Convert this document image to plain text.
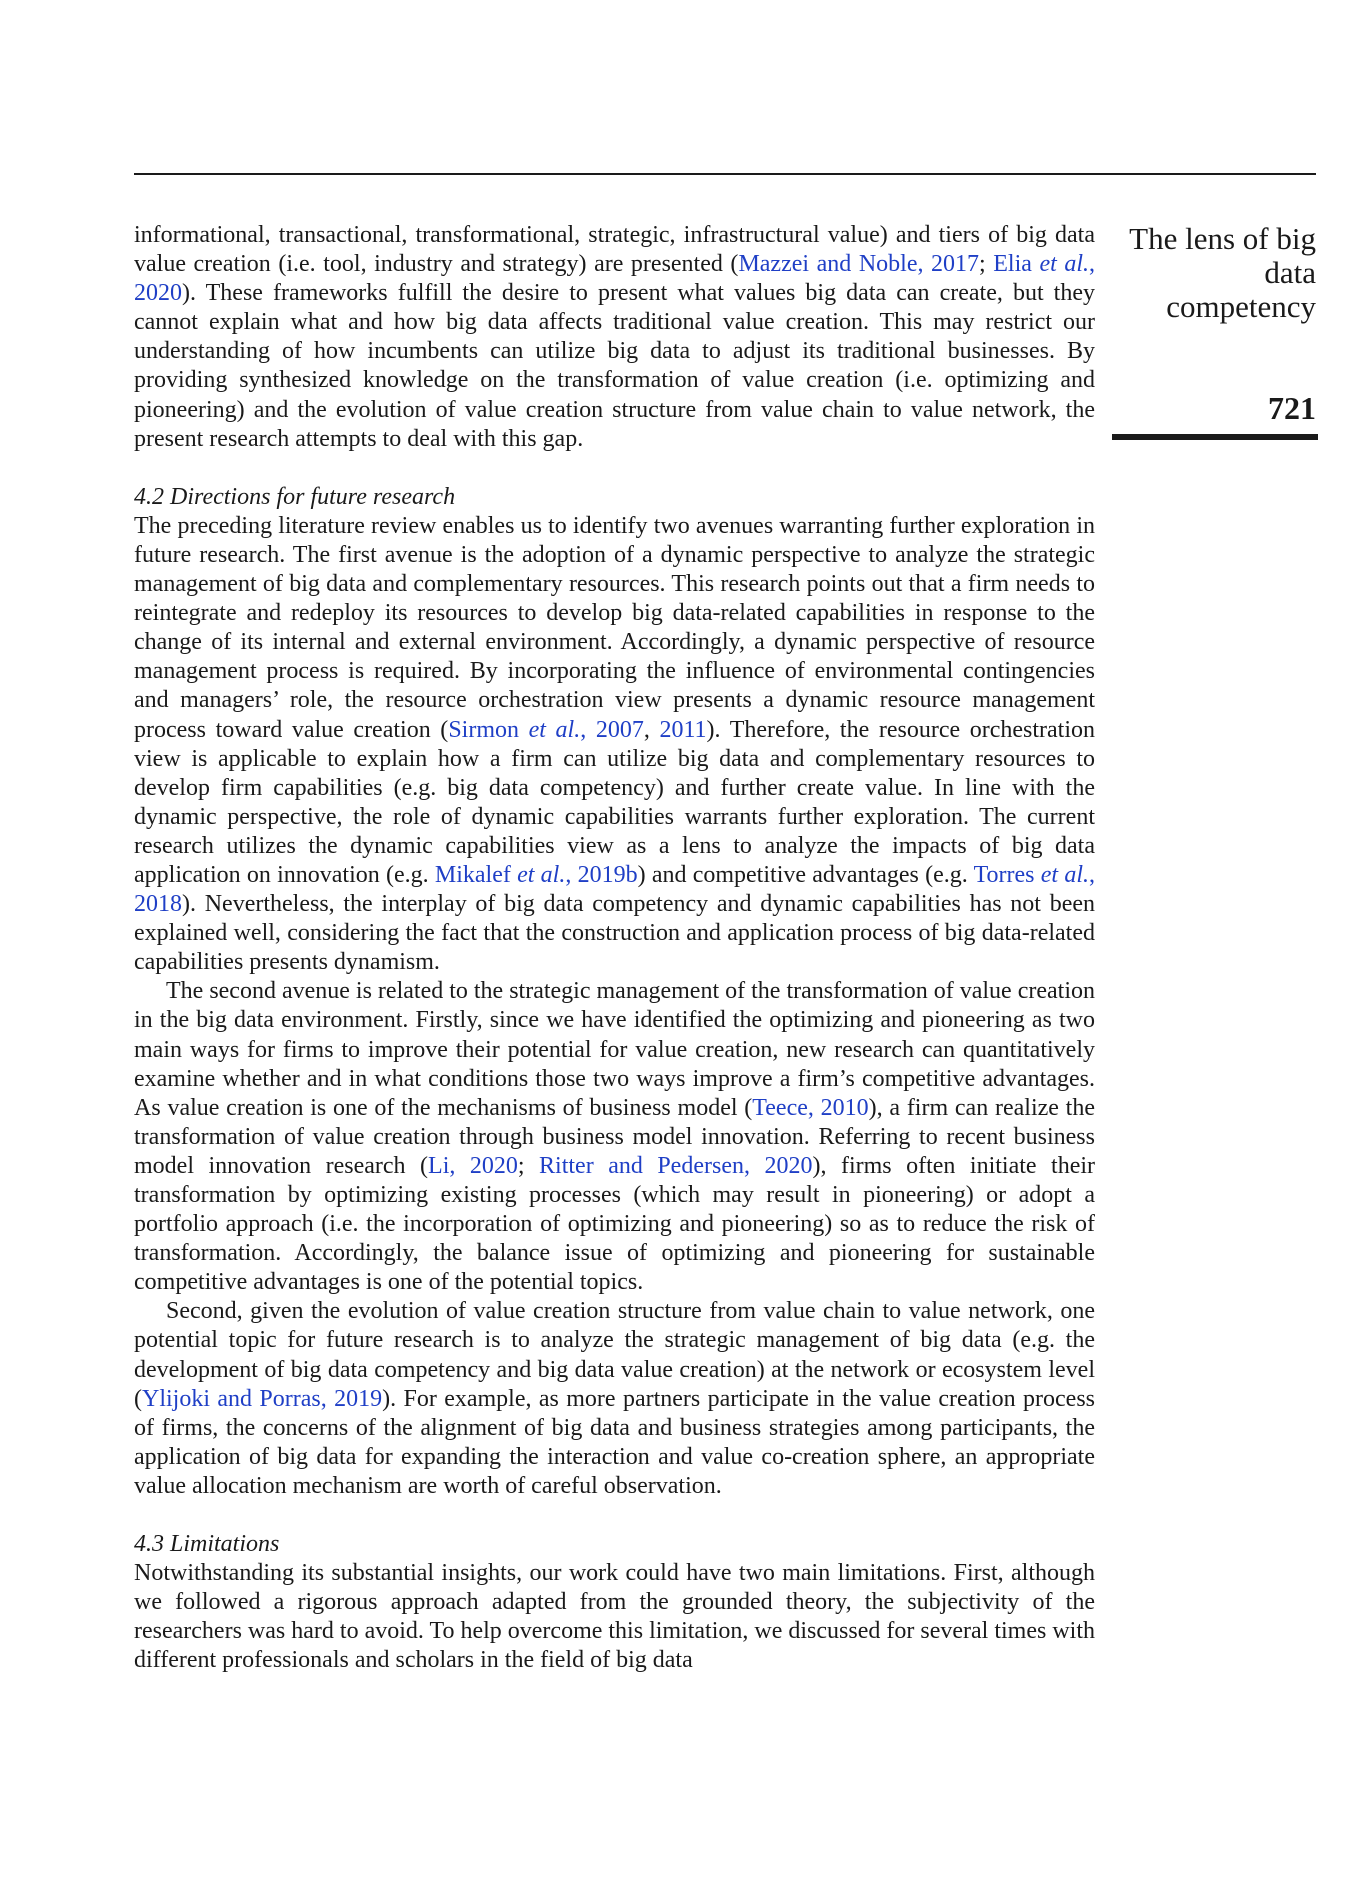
The lens of big
data
competency
721

informational, transactional, transformational, strategic, infrastructural value) and tiers of big data value creation (i.e. tool, industry and strategy) are presented (Mazzei and Noble, 2017; Elia et al., 2020). These frameworks fulfill the desire to present what values big data can create, but they cannot explain what and how big data affects traditional value creation. This may restrict our understanding of how incumbents can utilize big data to adjust its traditional businesses. By providing synthesized knowledge on the transformation of value creation (i.e. optimizing and pioneering) and the evolution of value creation structure from value chain to value network, the present research attempts to deal with this gap.

4.2 Directions for future research

The preceding literature review enables us to identify two avenues warranting further exploration in future research. The first avenue is the adoption of a dynamic perspective to analyze the strategic management of big data and complementary resources. This research points out that a firm needs to reintegrate and redeploy its resources to develop big data-related capabilities in response to the change of its internal and external environment. Accordingly, a dynamic perspective of resource management process is required. By incorporating the influence of environmental contingencies and managers’ role, the resource orchestration view presents a dynamic resource management process toward value creation (Sirmon et al., 2007, 2011). Therefore, the resource orchestration view is applicable to explain how a firm can utilize big data and complementary resources to develop firm capabilities (e.g. big data competency) and further create value. In line with the dynamic perspective, the role of dynamic capabilities warrants further exploration. The current research utilizes the dynamic capabilities view as a lens to analyze the impacts of big data application on innovation (e.g. Mikalef et al., 2019b) and competitive advantages (e.g. Torres et al., 2018). Nevertheless, the interplay of big data competency and dynamic capabilities has not been explained well, considering the fact that the construction and application process of big data-related capabilities presents dynamism.

The second avenue is related to the strategic management of the transformation of value creation in the big data environment. Firstly, since we have identified the optimizing and pioneering as two main ways for firms to improve their potential for value creation, new research can quantitatively examine whether and in what conditions those two ways improve a firm’s competitive advantages. As value creation is one of the mechanisms of business model (Teece, 2010), a firm can realize the transformation of value creation through business model innovation. Referring to recent business model innovation research (Li, 2020; Ritter and Pedersen, 2020), firms often initiate their transformation by optimizing existing processes (which may result in pioneering) or adopt a portfolio approach (i.e. the incorporation of optimizing and pioneering) so as to reduce the risk of transformation. Accordingly, the balance issue of optimizing and pioneering for sustainable competitive advantages is one of the potential topics.

Second, given the evolution of value creation structure from value chain to value network, one potential topic for future research is to analyze the strategic management of big data (e.g. the development of big data competency and big data value creation) at the network or ecosystem level (Ylijoki and Porras, 2019). For example, as more partners participate in the value creation process of firms, the concerns of the alignment of big data and business strategies among participants, the application of big data for expanding the interaction and value co-creation sphere, an appropriate value allocation mechanism are worth of careful observation.

4.3 Limitations

Notwithstanding its substantial insights, our work could have two main limitations. First, although we followed a rigorous approach adapted from the grounded theory, the subjectivity of the researchers was hard to avoid. To help overcome this limitation, we discussed for several times with different professionals and scholars in the field of big data
